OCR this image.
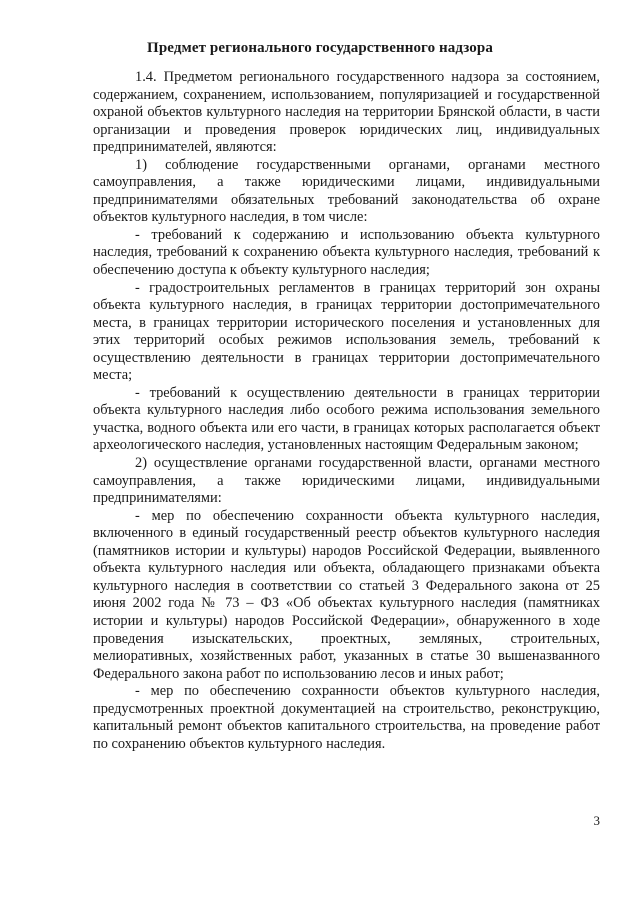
Предмет регионального государственного надзора

1.4. Предметом регионального государственного надзора за состоянием, содержанием, сохранением, использованием, популяризацией и государственной охраной объектов культурного наследия на территории Брянской области, в части организации и проведения проверок юридических лиц, индивидуальных предпринимателей, являются:

1) соблюдение государственными органами, органами местного самоуправления, а также юридическими лицами, индивидуальными предпринимателями обязательных требований законодательства об охране объектов культурного наследия, в том числе:

- требований к содержанию и использованию объекта культурного наследия, требований к сохранению объекта культурного наследия, требований к обеспечению доступа к объекту культурного наследия;

- градостроительных регламентов в границах территорий зон охраны объекта культурного наследия, в границах территории достопримечательного места, в границах территории исторического поселения и установленных для этих территорий особых режимов использования земель, требований к осуществлению деятельности в границах территории достопримечательного места;

- требований к осуществлению деятельности в границах территории объекта культурного наследия либо особого режима использования земельного участка, водного объекта или его части, в границах которых располагается объект археологического наследия, установленных настоящим Федеральным законом;

2) осуществление органами государственной власти, органами местного самоуправления, а также юридическими лицами, индивидуальными предпринимателями:

- мер по обеспечению сохранности объекта культурного наследия, включенного в единый государственный реестр объектов культурного наследия (памятников истории и культуры) народов Российской Федерации, выявленного объекта культурного наследия или объекта, обладающего признаками объекта культурного наследия в соответствии со статьей 3 Федерального закона от 25 июня 2002 года № 73 – ФЗ «Об объектах культурного наследия (памятниках истории и культуры) народов Российской Федерации», обнаруженного в ходе проведения изыскательских, проектных, земляных, строительных, мелиоративных, хозяйственных работ, указанных в статье 30 вышеназванного Федерального закона работ по использованию лесов и иных работ;

- мер по обеспечению сохранности объектов культурного наследия, предусмотренных проектной документацией на строительство, реконструкцию, капитальный ремонт объектов капитального строительства, на проведение работ по сохранению объектов культурного наследия.

3
